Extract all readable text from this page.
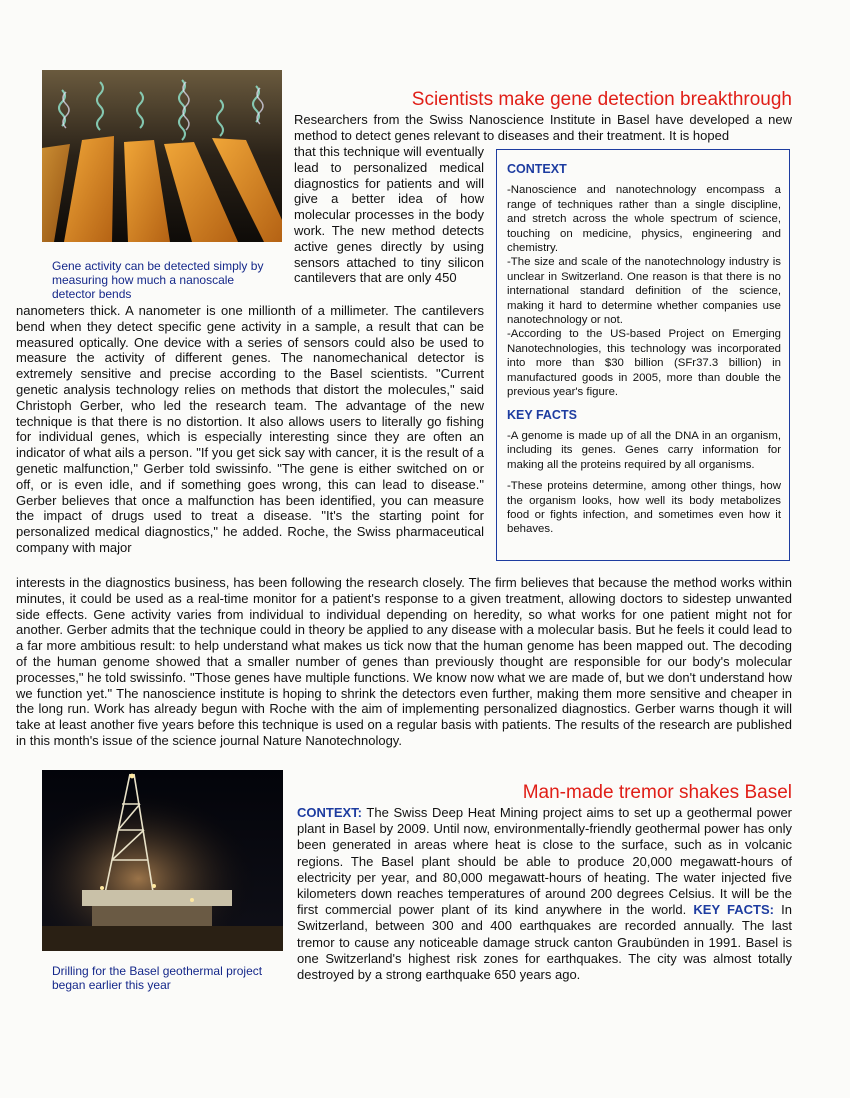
Gene activity can be detected simply by measuring how much a nanoscale detector bends
Scientists make gene detection breakthrough
Researchers from the Swiss Nanoscience Institute in Basel have developed a new method to detect genes relevant to diseases and their treatment. It is hoped
that this technique will eventually lead to personalized medical diagnostics for patients and will give a better idea of how molecular processes in the body work. The new method detects active genes directly by using sensors attached to tiny silicon cantilevers that are only 450
nanometers thick. A nanometer is one millionth of a millimeter. The cantilevers bend when they detect specific gene activity in a sample, a result that can be measured optically. One device with a series of sensors could also be used to measure the activity of different genes. The nanomechanical detector is extremely sensitive and precise according to the Basel scientists. "Current genetic analysis technology relies on methods that distort the molecules," said Christoph Gerber, who led the research team. The advantage of the new technique is that there is no distortion. It also allows users to literally go fishing for individual genes, which is especially interesting since they are often an indicator of what ails a person. "If you get sick say with cancer, it is the result of a genetic malfunction," Gerber told swissinfo. "The gene is either switched on or off, or is even idle, and if something goes wrong, this can lead to disease." Gerber believes that once a malfunction has been identified, you can measure the impact of drugs used to treat a disease. "It's the starting point for personalized medical diagnostics," he added. Roche, the Swiss pharmaceutical company with major
interests in the diagnostics business, has been following the research closely. The firm believes that because the method works within minutes, it could be used as a real-time monitor for a patient's response to a given treatment, allowing doctors to sidestep unwanted side effects. Gene activity varies from individual to individual depending on heredity, so what works for one patient might not for another. Gerber admits that the technique could in theory be applied to any disease with a molecular basis. But he feels it could lead to a far more ambitious result: to help understand what makes us tick now that the human genome has been mapped out. The decoding of the human genome showed that a smaller number of genes than previously thought are responsible for our body's molecular processes," he told swissinfo. "Those genes have multiple functions. We know now what we are made of, but we don't understand how we function yet." The nanoscience institute is hoping to shrink the detectors even further, making them more sensitive and cheaper in the long run. Work has already begun with Roche with the aim of implementing personalized diagnostics. Gerber warns though it will take at least another five years before this technique is used on a regular basis with patients. The results of the research are published in this month's issue of the science journal Nature Nanotechnology.
CONTEXT

-Nanoscience and nanotechnology encompass a range of techniques rather than a single discipline, and stretch across the whole spectrum of science, touching on medicine, physics, engineering and chemistry.

-The size and scale of the nanotechnology industry is unclear in Switzerland. One reason is that there is no international standard definition of the science, making it hard to determine whether companies use nanotechnology or not.

-According to the US-based Project on Emerging Nanotechnologies, this technology was incorporated into more than $30 billion (SFr37.3 billion) in manufactured goods in 2005, more than double the previous year's figure.

KEY FACTS

-A genome is made up of all the DNA in an organism, including its genes. Genes carry information for making all the proteins required by all organisms.

-These proteins determine, among other things, how the organism looks, how well its body metabolizes food or fights infection, and sometimes even how it behaves.

Drilling for the Basel geothermal project began earlier this year
Man-made tremor shakes Basel
CONTEXT: The Swiss Deep Heat Mining project aims to set up a geothermal power plant in Basel by 2009. Until now, environmentally-friendly geothermal power has only been generated in areas where heat is close to the surface, such as in volcanic regions. The Basel plant should be able to produce 20,000 megawatt-hours of electricity per year, and 80,000 megawatt-hours of heating. The water injected five kilometers down reaches temperatures of around 200 degrees Celsius. It will be the first commercial power plant of its kind anywhere in the world. KEY FACTS: In Switzerland, between 300 and 400 earthquakes are recorded annually. The last tremor to cause any noticeable damage struck canton Graubünden in 1991. Basel is one Switzerland's highest risk zones for earthquakes. The city was almost totally destroyed by a strong earthquake 650 years ago.
